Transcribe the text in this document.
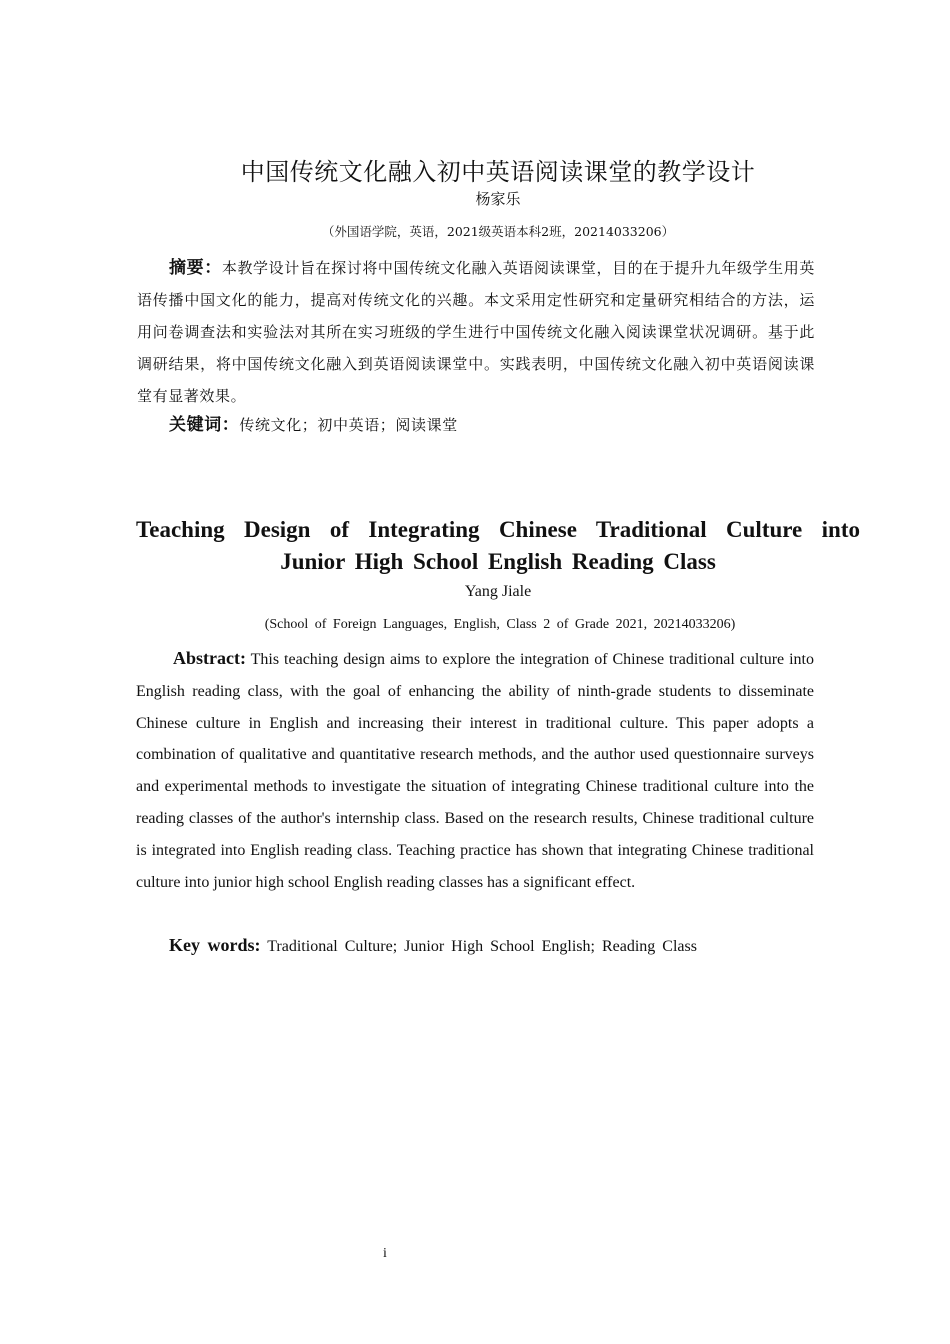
中国传统文化融入初中英语阅读课堂的教学设计
杨家乐
（外国语学院，英语，2021级英语本科2班，20214033206）

摘要：本教学设计旨在探讨将中国传统文化融入英语阅读课堂，目的在于提升九年级学生用英语传播中国文化的能力，提高对传统文化的兴趣。本文采用定性研究和定量研究相结合的方法，运用问卷调查法和实验法对其所在实习班级的学生进行中国传统文化融入阅读课堂状况调研。基于此调研结果，将中国传统文化融入到英语阅读课堂中。实践表明，中国传统文化融入初中英语阅读课堂有显著效果。

关键词：传统文化；初中英语；阅读课堂

Teaching Design of Integrating Chinese Traditional Culture into Junior High School English Reading Class

Yang Jiale
(School of Foreign Languages, English, Class 2 of Grade 2021, 20214033206)

Abstract: This teaching design aims to explore the integration of Chinese traditional culture into English reading class, with the goal of enhancing the ability of ninth-grade students to disseminate Chinese culture in English and increasing their interest in traditional culture. This paper adopts a combination of qualitative and quantitative research methods, and the author used questionnaire surveys and experimental methods to investigate the situation of integrating Chinese traditional culture into the reading classes of the author's internship class. Based on the research results, Chinese traditional culture is integrated into English reading class. Teaching practice has shown that integrating Chinese traditional culture into junior high school English reading classes has a significant effect.

Key words: Traditional Culture; Junior High School English; Reading Class

i
